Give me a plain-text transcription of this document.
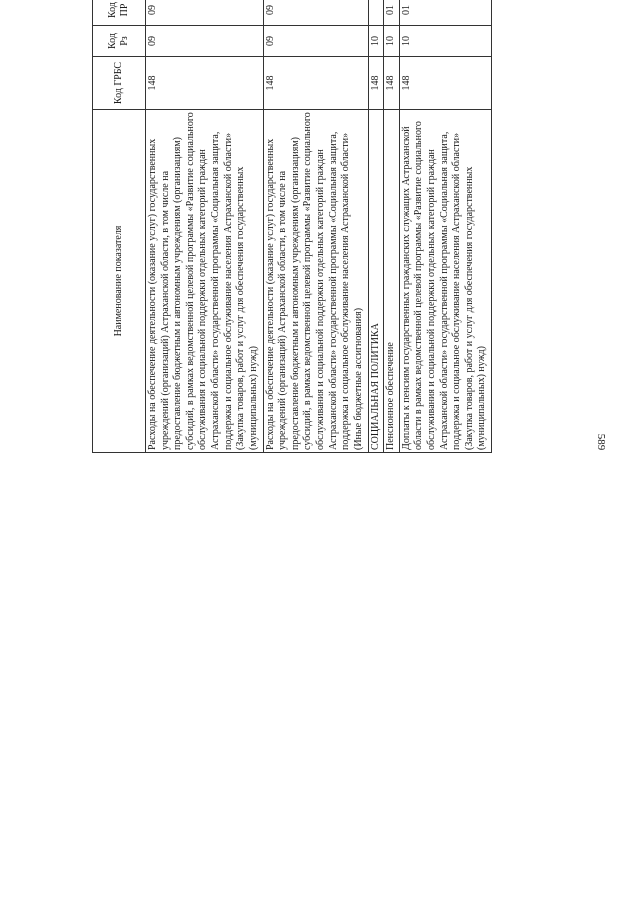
589
Наименование показателя	Код ГРБС	Код Рз	Код ПР				
Расходы на обеспечение деятельности (оказание услуг) государственных учреждений (организаций) Астраханской области, в том числе на предоставление бюджетным и автономным учреждениям (организациям) субсидий, в рамках ведомственной целевой программы «Развитие социального обслуживания и социальной поддержки отдельных категорий граждан Астраханской области» государственной программы «Социальная защита, поддержка и социальное обслуживание населения Астраханской области» (Закупка товаров, работ и услуг для обеспечения государственных (муниципальных) нужд)	148	09	09				
Расходы на обеспечение деятельности (оказание услуг) государственных учреждений (организаций) Астраханской области, в том числе на предоставление бюджетным и автономным учреждениям (организациям) субсидий, в рамках ведомственной целевой программы «Развитие социального обслуживания и социальной поддержки отдельных категорий граждан Астраханской области» государственной программы «Социальная защита, поддержка и социальное обслуживание населения Астраханской области» (Иные бюджетные ассигнования)	148	09	09				
СОЦИАЛЬНАЯ ПОЛИТИКА	148	10					
Пенсионное обеспечение	148	10	01				
Доплаты к пенсиям государственных гражданских служащих Астраханской области в рамках ведомственной целевой программы «Развитие социального обслуживания и социальной поддержки отдельных категорий граждан Астраханской области» государственной программы «Социальная защита, поддержка и социальное обслуживание населения Астраханской области» (Закупка товаров, работ и услуг для обеспечения государственных (муниципальных) нужд)	148	10	01				
